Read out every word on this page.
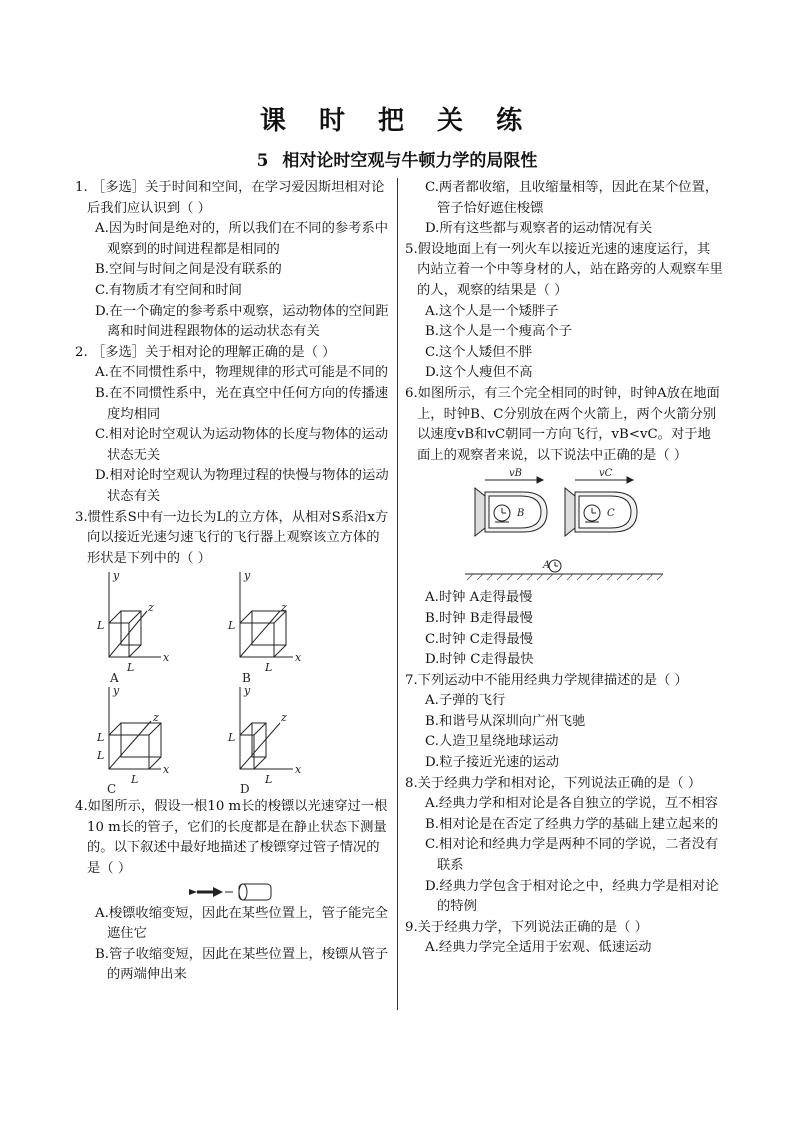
课 时 把 关 练
5 相对论时空观与牛顿力学的局限性
1. ［多选］关于时间和空间，在学习爱因斯坦相对论后我们应认识到（ ）
A.因为时间是绝对的，所以我们在不同的参考系中观察到的时间进程都是相同的
B.空间与时间之间是没有联系的
C.有物质才有空间和时间
D.在一个确定的参考系中观察，运动物体的空间距离和时间进程跟物体的运动状态有关
2. ［多选］关于相对论的理解正确的是（ ）
A.在不同惯性系中，物理规律的形式可能是不同的
B.在不同惯性系中，光在真空中任何方向的传播速度均相同
C.相对论时空观认为运动物体的长度与物体的运动状态无关
D.相对论时空观认为物理过程的快慢与物体的运动状态有关
3.惯性系S中有一边长为L的立方体，从相对S系沿x方向以接近光速匀速飞行的飞行器上观察该立方体的形状是下列中的（ ）
y
x
z
L
L
y
x
z
L
L
y
x
z
L
L
L
y
x
z
L
L
A	B
C	D
4.如图所示，假设一根10 m长的梭镖以光速穿过一根10 m长的管子，它们的长度都是在静止状态下测量的。以下叙述中最好地描述了梭镖穿过管子情况的是（ ）
A.梭镖收缩变短，因此在某些位置上，管子能完全遮住它
B.管子收缩变短，因此在某些位置上，梭镖从管子的两端伸出来
C.两者都收缩，且收缩量相等，因此在某个位置，管子恰好遮住梭镖
D.所有这些都与观察者的运动情况有关
5.假设地面上有一列火车以接近光速的速度运行，其内站立着一个中等身材的人，站在路旁的人观察车里的人，观察的结果是（ ）
A.这个人是一个矮胖子
B.这个人是一个瘦高个子
C.这个人矮但不胖
D.这个人瘦但不高
6.如图所示，有三个完全相同的时钟，时钟A放在地面上，时钟B、C分别放在两个火箭上，两个火箭分别以速度vB和vC朝同一方向飞行，vB<vC。对于地面上的观察者来说，以下说法中正确的是（ ）
vB	vC
B	C
A
A.时钟 A走得最慢
B.时钟 B走得最慢
C.时钟 C走得最慢
D.时钟 C走得最快
7.下列运动中不能用经典力学规律描述的是（ ）
A.子弹的飞行
B.和谐号从深圳向广州飞驰
C.人造卫星绕地球运动
D.粒子接近光速的运动
8.关于经典力学和相对论，下列说法正确的是（ ）
A.经典力学和相对论是各自独立的学说，互不相容
B.相对论是在否定了经典力学的基础上建立起来的
C.相对论和经典力学是两种不同的学说，二者没有联系
D.经典力学包含于相对论之中，经典力学是相对论的特例
9.关于经典力学，下列说法正确的是（ ）
A.经典力学完全适用于宏观、低速运动
